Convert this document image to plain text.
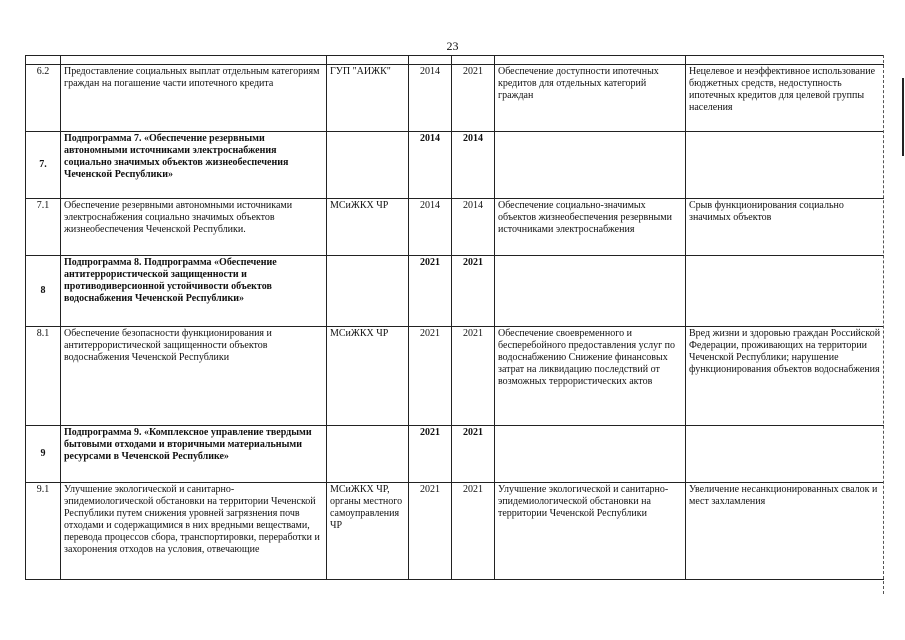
23

6.2	Предоставление социальных выплат отдельным категориям граждан на погашение части ипотечного кредита	ГУП "АИЖК"	2014	2021	Обеспечение доступности ипотечных кредитов для отдельных категорий граждан	Нецелевое и неэффективное использование бюджетных средств, недоступность ипотечных кредитов для целевой группы населения
7.	Подпрограмма 7. «Обеспечение резервными автономными источниками электроснабжения социально значимых объектов жизнеобеспечения Чеченской Республики»		2014	2014		
7.1	Обеспечение резервными автономными источниками электроснабжения социально значимых объектов жизнеобеспечения Чеченской Республики.	МСиЖКХ ЧР	2014	2014	Обеспечение социально-значимых объектов жизнеобеспечения резервными источниками электроснабжения	Срыв функционирования социально значимых объектов
8	Подпрограмма 8. Подпрограмма «Обеспечение антитеррористической защищенности и противодиверсионной устойчивости объектов водоснабжения Чеченской Республики»		2021	2021		
8.1	Обеспечение безопасности функционирования и антитеррористической защищенности объектов водоснабжения Чеченской Республики	МСиЖКХ ЧР	2021	2021	Обеспечение своевременного и бесперебойного предоставления услуг по водоснабжению Снижение финансовых затрат на ликвидацию последствий от возможных террористических актов	Вред жизни и здоровью граждан Российской Федерации, проживающих на территории Чеченской Республики; нарушение функционирования объектов водоснабжения
9	Подпрограмма 9. «Комплексное управление твердыми бытовыми отходами и вторичными материальными ресурсами в Чеченской Республике»		2021	2021		
9.1	Улучшение экологической и санитарно-эпидемиологической обстановки на территории Чеченской Республики путем снижения уровней загрязнения почв отходами и содержащимися в них вредными веществами, перевода процессов сбора, транспортировки, переработки и захоронения отходов на условия, отвечающие	МСиЖКХ ЧР, органы местного самоуправления ЧР	2021	2021	Улучшение экологической и санитарно-эпидемиологической обстановки на территории Чеченской Республики	Увеличение несанкционированных свалок и мест захламления
